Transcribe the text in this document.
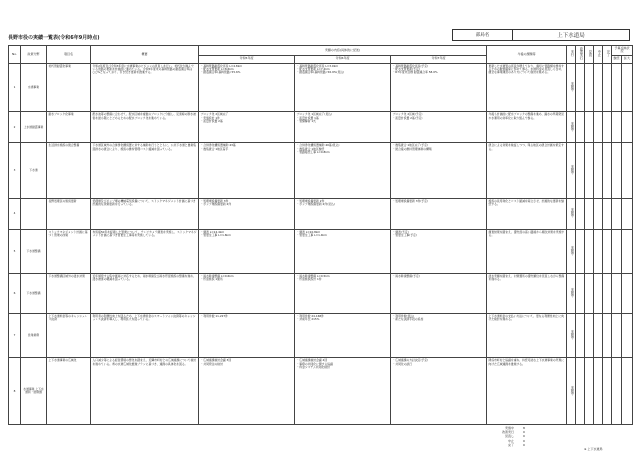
長野市役の実績一覧表(令和6年9月時点)	部局名	上下水道局
No.	政策分野	項目名	概要	実績の内容(具体的に記述)			今後の課題等	実行	改善実行	見直	中止	完了	予算反映状況	
				令和5年度	令和6年度	令和7年度							継続	拡大
1	水道事業	老朽管耐震化事業	令和2年度及び令和3年度に水道事業のビジョンの見直しを行い、老朽化が進んでいる管路の更新を計画的に進めている。令和5年度末の基幹管路の耐震適合率は○○%となっており、引き続き更新を推進する。	・基幹管路耐震化延長 L=4.8km
・配水支管更新 L=8.6km
・耐震適合率(基幹管路) 55.6%	・基幹管路耐震化延長 L=3.9km
・配水支管更新 L=7.2km
・耐震適合率(基幹管路) 56.9%(見込)	・基幹管路耐震化延長(予定)
・配水支管更新(予定)
・R7年度末目標 耐震適合率 58.0%	更新した水道管の延長が増えており、適切に管路網を維持するための財源確保に努めて参る。水道料金の見直しも含め、健全な事業運営のあり方について検討を進める。	実施中						
2	上水道耐震事業	耐水ブロック化事業	配水池等の整備に合わせて、配水区域を複数のブロックに分割し、災害時の断水被害を最小限にとどめるための配水ブロック化を進めている。	ブロック化 2区域完了
・実施設計 1件
・流量計設置 2基	ブロック化 1区域完了(見込)
・流量計設置 1基
・管網解析 1式	ブロック化 2区域(予定)
・流量計設置 2基(予定)	今後も計画的に配水ブロックの整備を進め、漏水の早期発見や水運用の効率化に取り組んで参る。	実施中						
3	下水道	生活排水施設の統合整備	下水道区域外の合併浄化槽設置に対する補助を行うとともに、公共下水道と農業集落排水の統合により、施設の維持管理コスト縮減を図っている。	・合併浄化槽設置補助 43基
・農集統合 1地区着手	・合併浄化槽設置補助 40基(見込)
・農集統合 1地区継続
・管路接続工事 L=0.8km	・農集統合 1地区完了(予定)
・統合後の維持管理体制の構築	統合による効果を検証しつつ、残る地区の統合計画を策定する。	実施中						
4		長野処理区の施設更新	処理場及びポンプ場の機械電気設備について、ストックマネジメント計画に基づき計画的な改築更新を行っている。	・処理場設備更新 3件
・ポンプ場設備更新 2件	・処理場設備更新 2件
・ポンプ場設備更新 2件(見込)	・処理場設備更新 3件(予定)	施設の長寿命化とコスト縮減を両立させ、計画的な更新を継続する。	実施中						
5	下水道整備	ストックマネジメント計画に基づく管渠の改築	布設後50年を経過した管渠について、テレビカメラ調査を実施し、ストックマネジメント計画に基づき管更生工事等を実施している。	・調査 L=12.4km
・管更生工事 L=1.6km	・調査 L=10.8km
・管更生工事 L=1.4km	・調査(予定)
・管更生工事(予定)	調査結果を踏まえ、優先度の高い路線から順次対策を実施する。	実施中						
6	下水道整備	下水道整備区域外の浸水対策	近年頻発する集中豪雨に対応するため、雨水幹線及び雨水貯留施設の整備を進め、浸水被害の軽減を図っている。	・雨水幹線整備 L=0.6km
・貯留施設 1箇所	・雨水幹線整備 L=0.5km
・貯留施設設計 1件	・雨水幹線整備(予定)	浸水実績を踏まえ、対策箇所の優先順位を見直しながら整備を進める。	実施中						
7	営業業務	上下水道料金等のキャッシュレス決済	利用者の利便性向上を図るため、上下水道料金のスマートフォン決済等のキャッシュレス決済を導入し、利用拡大を図っている。	・利用件数 11,227件	・利用件数 24,168件
・対前年比 215%	・利用件数(見込)
・新たな決済手段の追加	上下水道料金の支払い方法について、更なる利便性向上に向けた検討を進める。	実施中						
8	水道事業 上下水道局・総務課	上下水道事業の広域化	人口減少等による経営環境の悪化を踏まえ、近隣市町村との広域連携について検討を進めている。県の水道広域化推進プランに基づき、連携の具体化を図る。	・広域連携検討会議 3回
・共同発注の検討	・広域連携検討会議 4回
・事務の共同化に関する協議
・料金システム共同化検討	・広域連携の方針決定(予定)
・共同化の試行	関係市町村と協議を重ね、持続可能な上下水道事業の実現に向けた広域連携を推進する。	実施中						
実施中	8
改善実行	0
見直し	0
中止	0
完了	0
※ 上下水道局
